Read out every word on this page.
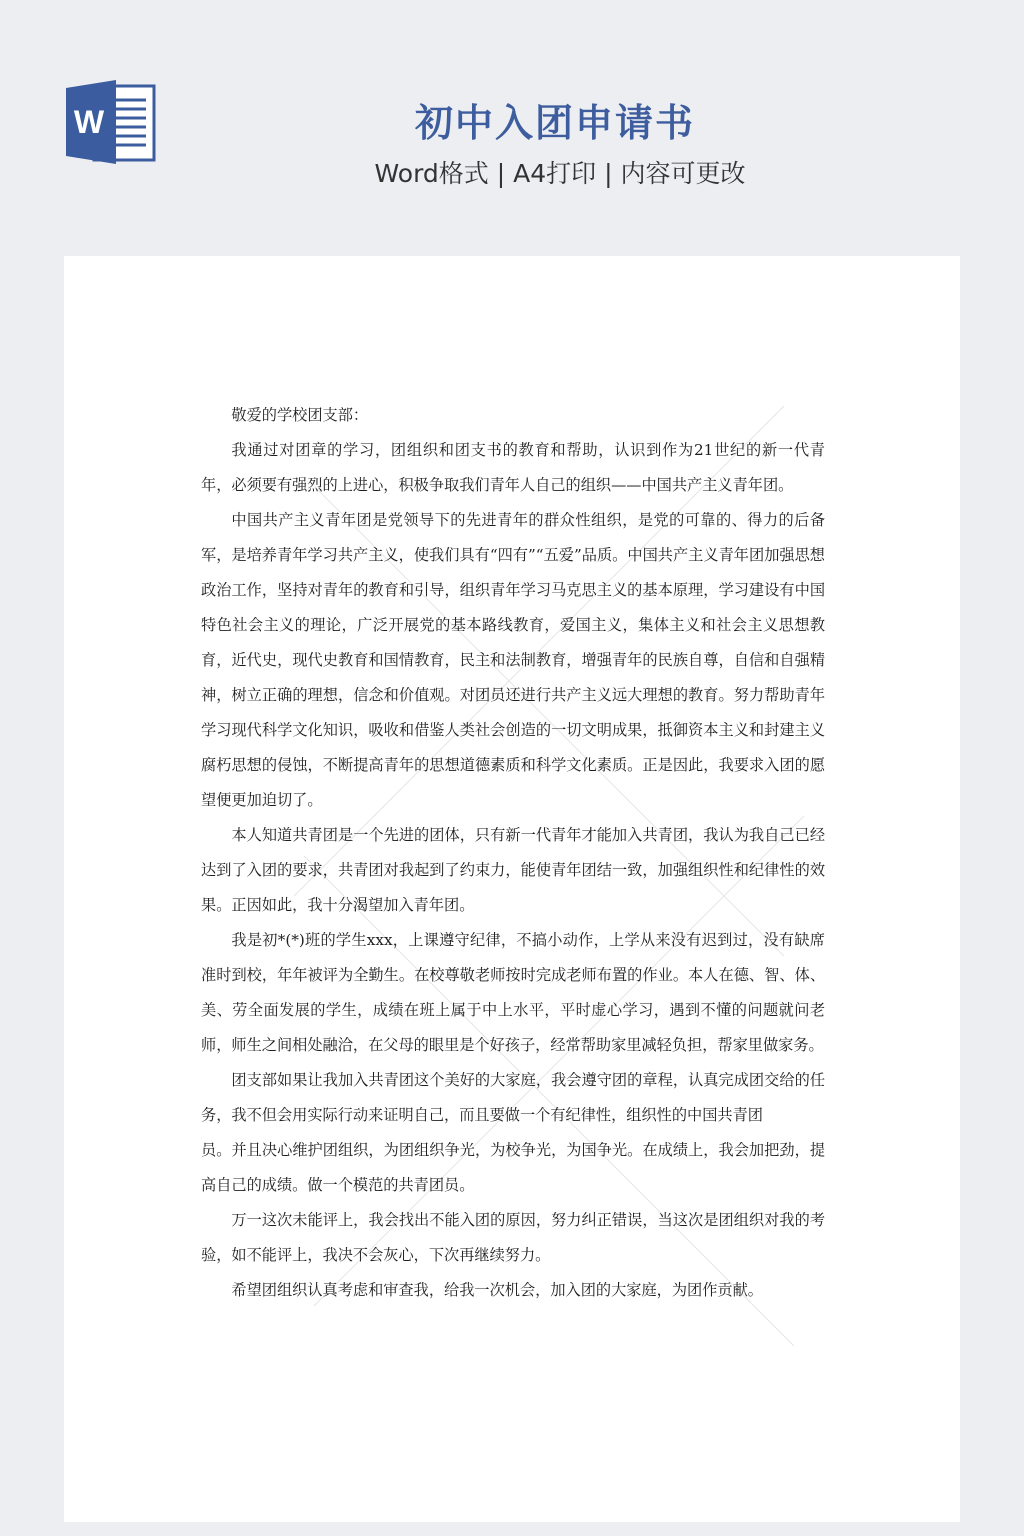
W	初中入团申请书
Word格式 | A4打印 | 内容可更改

敬爱的学校团支部：

我通过对团章的学习，团组织和团支书的教育和帮助，认识到作为21世纪的新一代青年，必须要有强烈的上进心，积极争取我们青年人自己的组织——中国共产主义青年团。

中国共产主义青年团是党领导下的先进青年的群众性组织，是党的可靠的、得力的后备军，是培养青年学习共产主义，使我们具有“四有”“五爱”品质。中国共产主义青年团加强思想政治工作，坚持对青年的教育和引导，组织青年学习马克思主义的基本原理，学习建设有中国特色社会主义的理论，广泛开展党的基本路线教育，爱国主义，集体主义和社会主义思想教育，近代史，现代史教育和国情教育，民主和法制教育，增强青年的民族自尊，自信和自强精神，树立正确的理想，信念和价值观。对团员还进行共产主义远大理想的教育。努力帮助青年学习现代科学文化知识，吸收和借鉴人类社会创造的一切文明成果，抵御资本主义和封建主义腐朽思想的侵蚀，不断提高青年的思想道德素质和科学文化素质。正是因此，我要求入团的愿望便更加迫切了。

本人知道共青团是一个先进的团体，只有新一代青年才能加入共青团，我认为我自己已经达到了入团的要求，共青团对我起到了约束力，能使青年团结一致，加强组织性和纪律性的效果。正因如此，我十分渴望加入青年团。

我是初*(*)班的学生xxx，上课遵守纪律，不搞小动作，上学从来没有迟到过，没有缺席准时到校，年年被评为全勤生。在校尊敬老师按时完成老师布置的作业。本人在德、智、体、美、劳全面发展的学生，成绩在班上属于中上水平，平时虚心学习，遇到不懂的问题就问老师，师生之间相处融洽，在父母的眼里是个好孩子，经常帮助家里减轻负担，帮家里做家务。

团支部如果让我加入共青团这个美好的大家庭，我会遵守团的章程，认真完成团交给的任务，我不但会用实际行动来证明自己，而且要做一个有纪律性，组织性的中国共青团

员。并且决心维护团组织，为团组织争光，为校争光，为国争光。在成绩上，我会加把劲，提高自己的成绩。做一个模范的共青团员。

万一这次未能评上，我会找出不能入团的原因，努力纠正错误，当这次是团组织对我的考验，如不能评上，我决不会灰心，下次再继续努力。

希望团组织认真考虑和审查我，给我一次机会，加入团的大家庭，为团作贡献。
